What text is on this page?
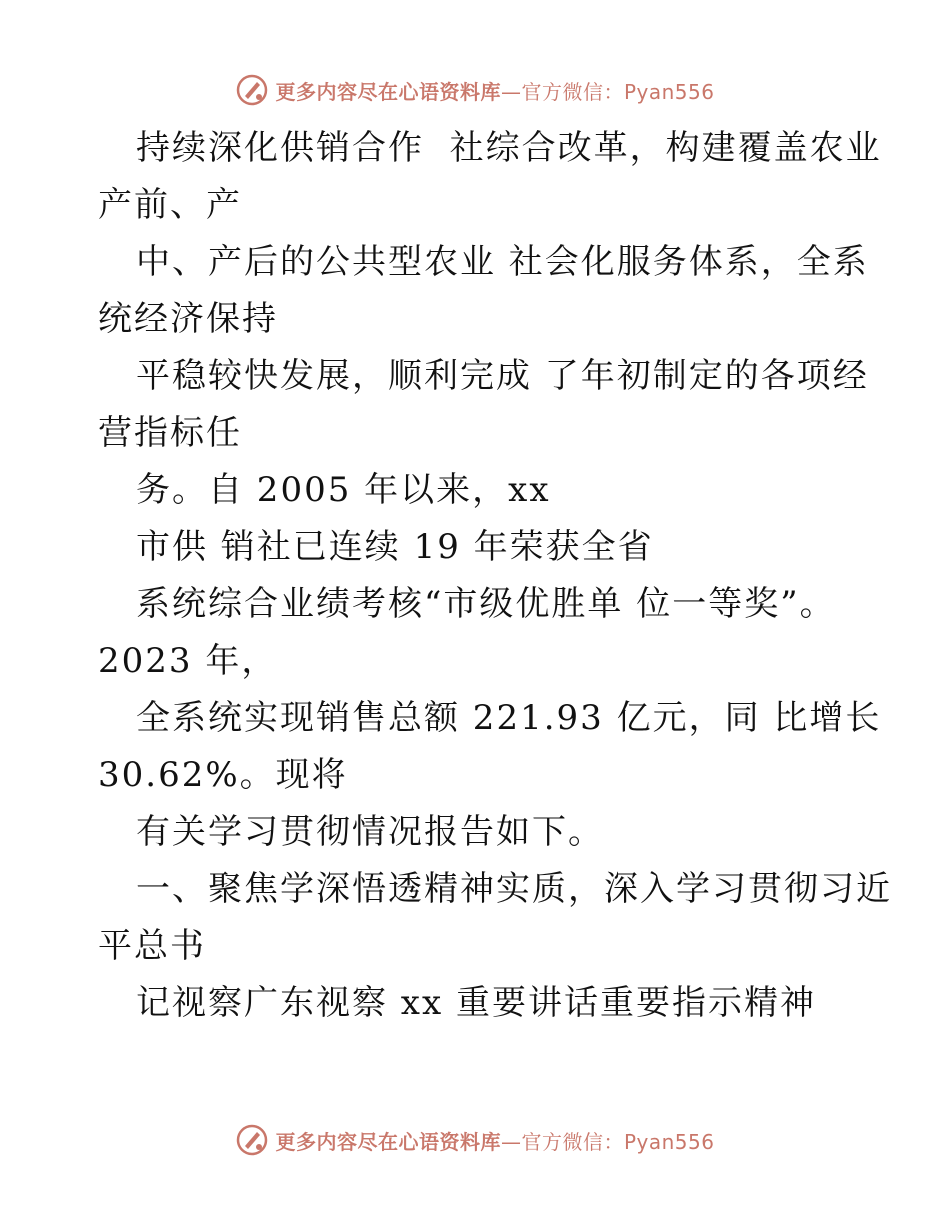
更多内容尽在心语资料库—官方微信：Pyan556
持续深化供销合作  社综合改革，构建覆盖农业
产前、产
中、产后的公共型农业 社会化服务体系，全系
统经济保持
平稳较快发展，顺利完成 了年初制定的各项经
营指标任
务。自 2005 年以来，xx
市供 销社已连续 19 年荣获全省
系统综合业绩考核“市级优胜单 位一等奖”。
2023 年，
全系统实现销售总额 221.93 亿元，同 比增长
30.62%。现将
有关学习贯彻情况报告如下。
一、聚焦学深悟透精神实质，深入学习贯彻习近
平总书
记视察广东视察 xx 重要讲话重要指示精神
更多内容尽在心语资料库—官方微信：Pyan556
